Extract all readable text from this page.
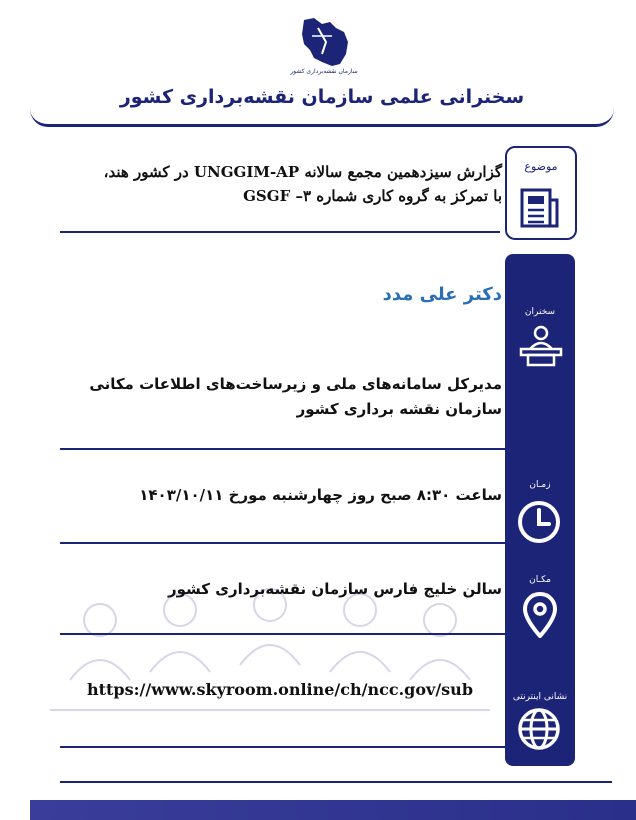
سازمان نقشه‌برداری کشور
سخنرانی علمی سازمان نقشه‌برداری کشور
موضوع
گزارش سیزدهمین مجمع سالانه UNGGIM-AP در کشور هند،
با تمرکز به گروه کاری شماره ۳– GSGF
سخنران
دکتر علی مدد
مدیرکل سامانه‌های ملی و زیرساخت‌های اطلاعات مکانی
سازمان نقشه برداری کشور
زمـان
ساعت ۸:۳۰ صبح روز چهارشنبه مورخ ۱۴۰۳/۱۰/۱۱
مکـان
سالن خلیج فارس سازمان نقشه‌برداری کشور
نشانی اینترنتی
https://www.skyroom.online/ch/ncc.gov/sub
